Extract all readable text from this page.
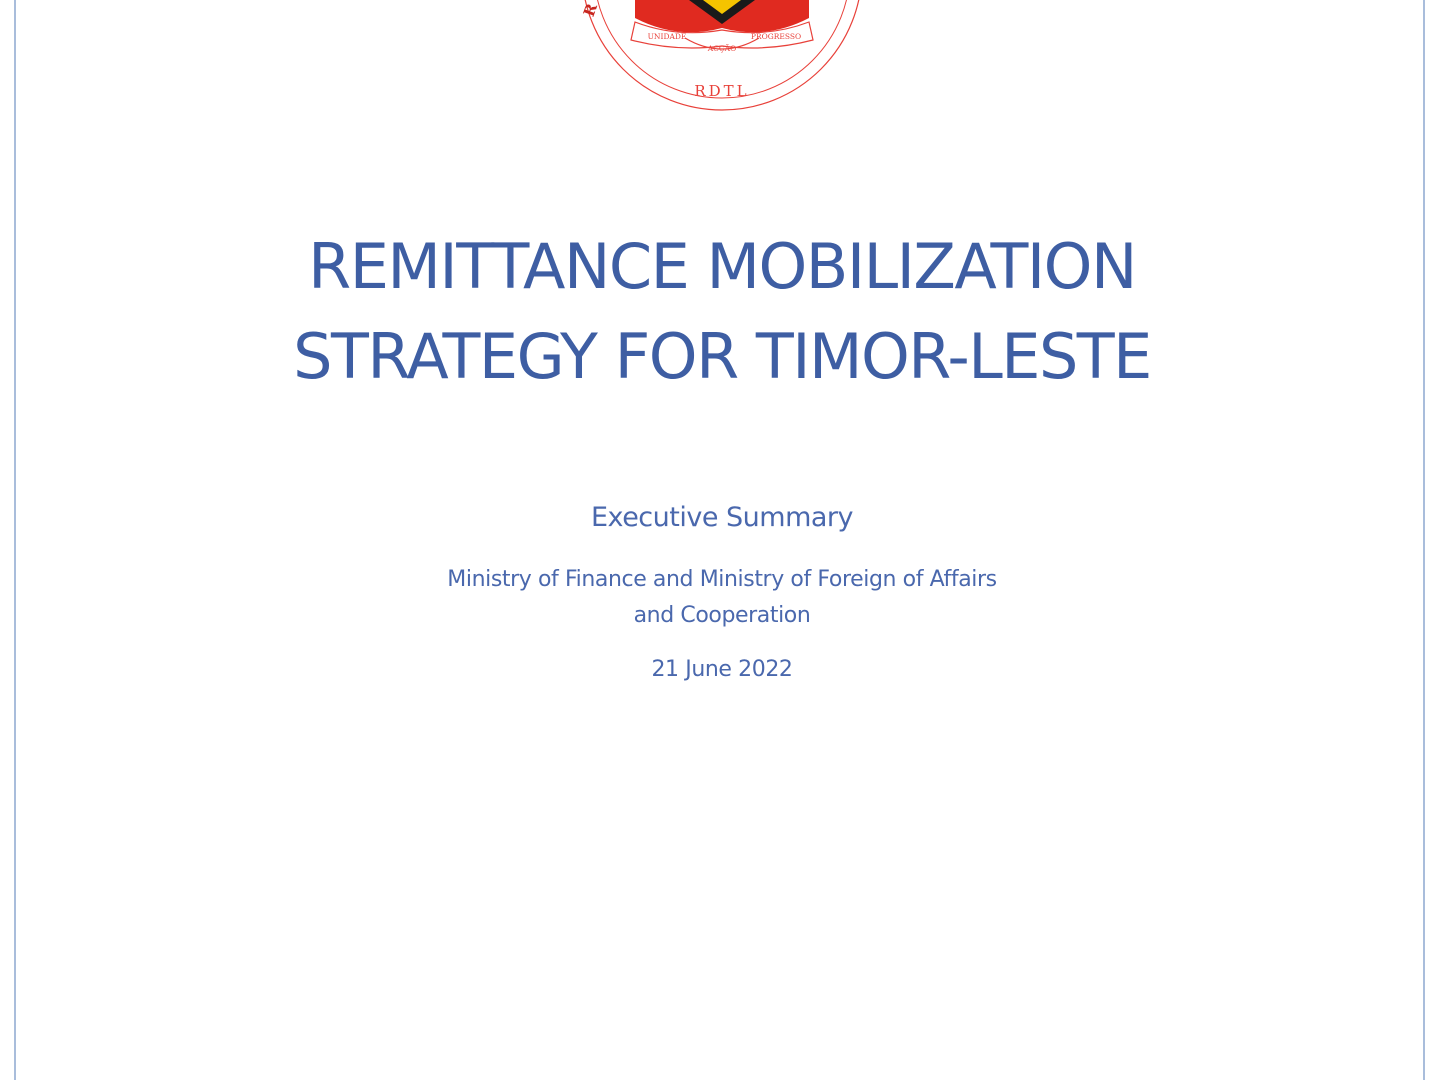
R
UNIDADE
ACÇÃO
PROGRESSO
RDTL
REMITTANCE MOBILIZATION
STRATEGY FOR TIMOR-LESTE
Executive Summary
Ministry of Finance and Ministry of Foreign of Affairs
and Cooperation
21 June 2022
